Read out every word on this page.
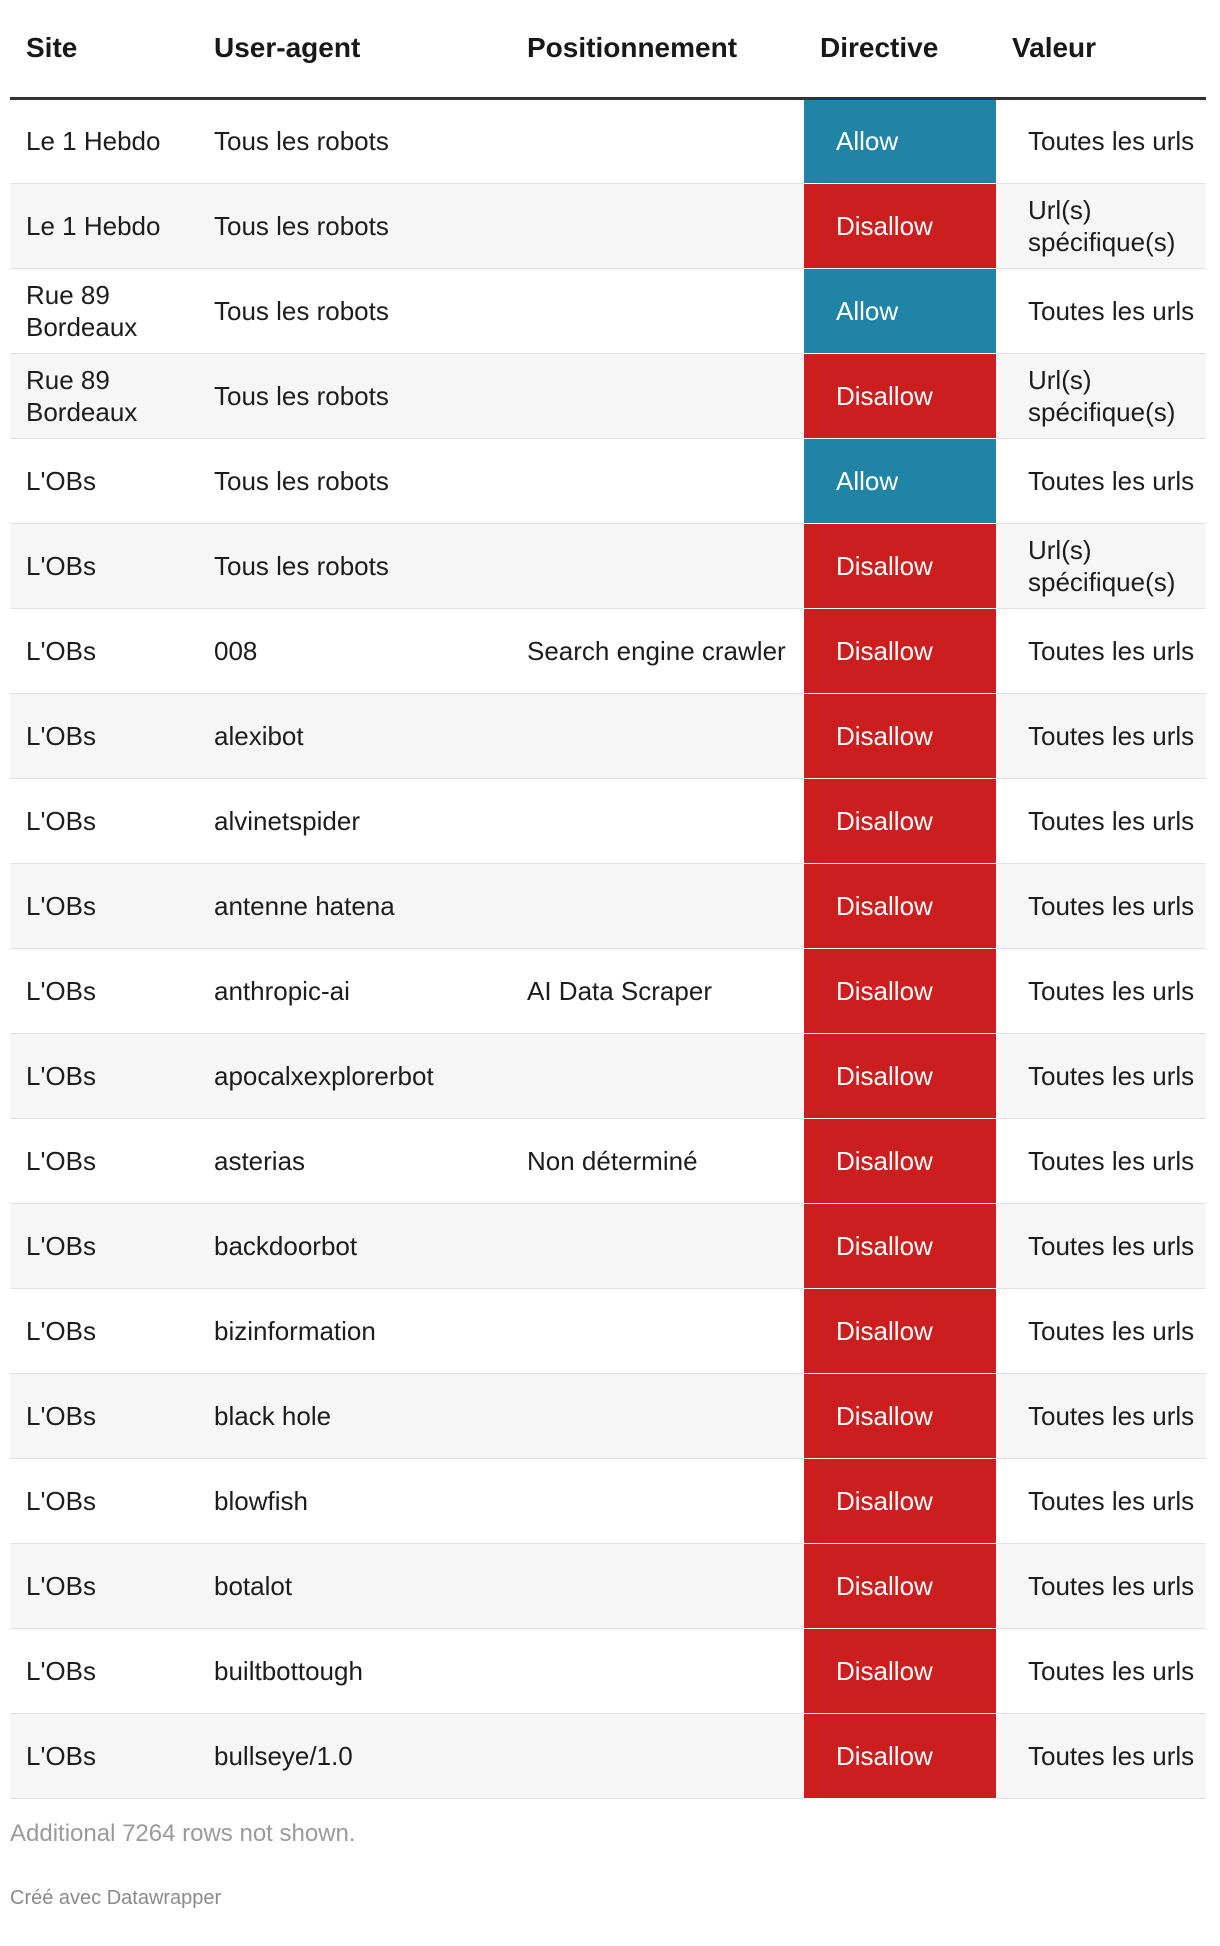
Site	User-agent	Positionnement	Directive	Valeur
Le 1 Hebdo	Tous les robots		Allow	Toutes les urls
Le 1 Hebdo	Tous les robots		Disallow	Url(s) spécifique(s)
Rue 89 Bordeaux	Tous les robots		Allow	Toutes les urls
Rue 89 Bordeaux	Tous les robots		Disallow	Url(s) spécifique(s)
L'OBs	Tous les robots		Allow	Toutes les urls
L'OBs	Tous les robots		Disallow	Url(s) spécifique(s)
L'OBs	008	Search engine crawler	Disallow	Toutes les urls
L'OBs	alexibot		Disallow	Toutes les urls
L'OBs	alvinetspider		Disallow	Toutes les urls
L'OBs	antenne hatena		Disallow	Toutes les urls
L'OBs	anthropic-ai	AI Data Scraper	Disallow	Toutes les urls
L'OBs	apocalxexplorerbot		Disallow	Toutes les urls
L'OBs	asterias	Non déterminé	Disallow	Toutes les urls
L'OBs	backdoorbot		Disallow	Toutes les urls
L'OBs	bizinformation		Disallow	Toutes les urls
L'OBs	black hole		Disallow	Toutes les urls
L'OBs	blowfish		Disallow	Toutes les urls
L'OBs	botalot		Disallow	Toutes les urls
L'OBs	builtbottough		Disallow	Toutes les urls
L'OBs	bullseye/1.0		Disallow	Toutes les urls
Additional 7264 rows not shown.
Créé avec Datawrapper
